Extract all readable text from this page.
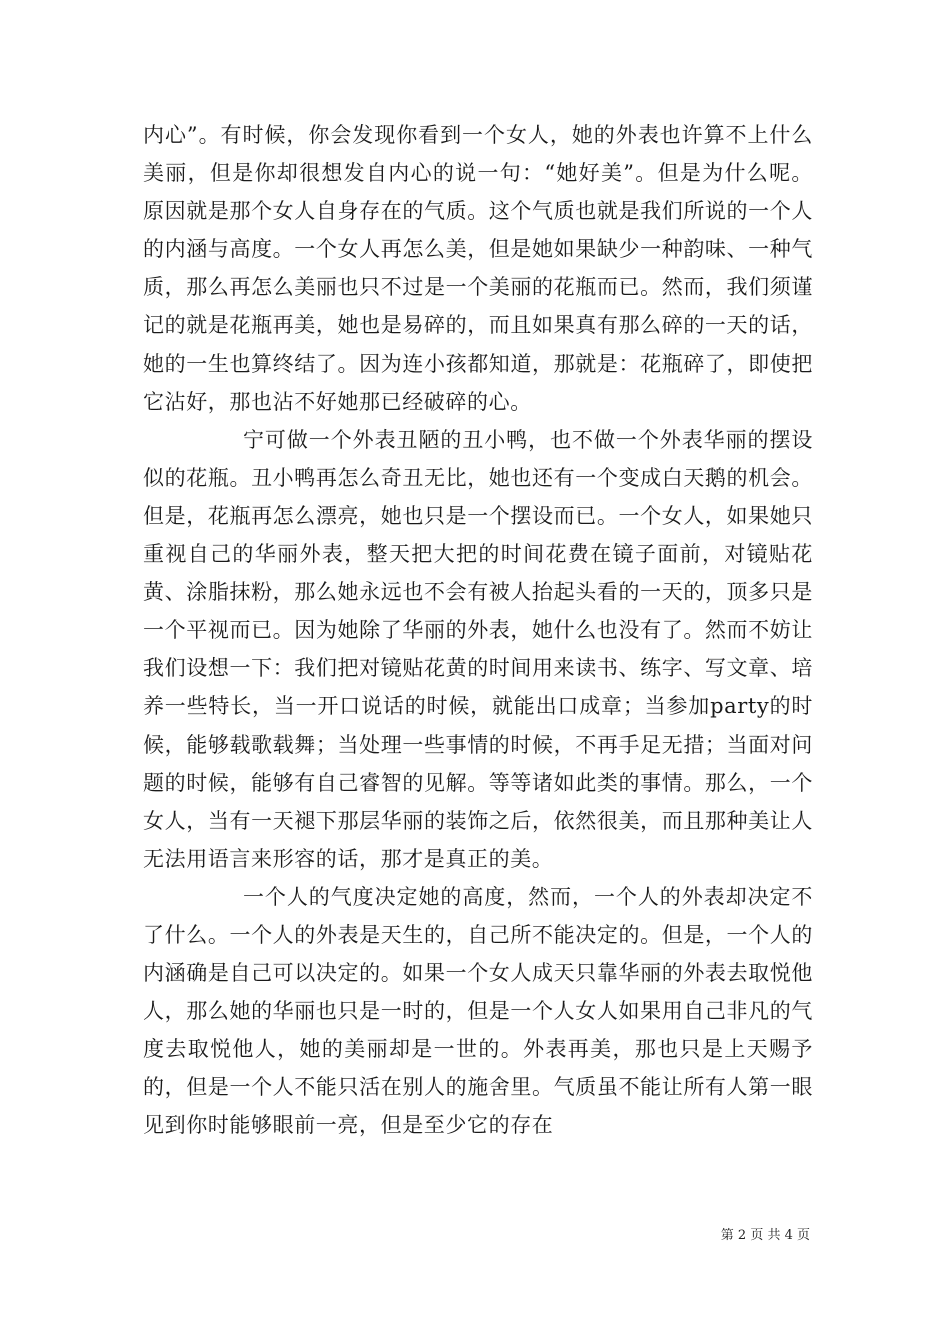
内心”。有时候，你会发现你看到一个女人，她的外表也许算不上什么美丽，但是你却很想发自内心的说一句：“她好美”。但是为什么呢。原因就是那个女人自身存在的气质。这个气质也就是我们所说的一个人的内涵与高度。一个女人再怎么美，但是她如果缺少一种韵味、一种气质，那么再怎么美丽也只不过是一个美丽的花瓶而已。然而，我们须谨记的就是花瓶再美，她也是易碎的，而且如果真有那么碎的一天的话，她的一生也算终结了。因为连小孩都知道，那就是：花瓶碎了，即使把它沾好，那也沾不好她那已经破碎的心。

宁可做一个外表丑陋的丑小鸭，也不做一个外表华丽的摆设似的花瓶。丑小鸭再怎么奇丑无比，她也还有一个变成白天鹅的机会。但是，花瓶再怎么漂亮，她也只是一个摆设而已。一个女人，如果她只重视自己的华丽外表，整天把大把的时间花费在镜子面前，对镜贴花黄、涂脂抹粉，那么她永远也不会有被人抬起头看的一天的，顶多只是一个平视而已。因为她除了华丽的外表，她什么也没有了。然而不妨让我们设想一下：我们把对镜贴花黄的时间用来读书、练字、写文章、培养一些特长，当一开口说话的时候，就能出口成章；当参加party的时候，能够载歌载舞；当处理一些事情的时候，不再手足无措；当面对问题的时候，能够有自己睿智的见解。等等诸如此类的事情。那么，一个女人，当有一天褪下那层华丽的装饰之后，依然很美，而且那种美让人无法用语言来形容的话，那才是真正的美。

一个人的气度决定她的高度，然而，一个人的外表却决定不了什么。一个人的外表是天生的，自己所不能决定的。但是，一个人的内涵确是自己可以决定的。如果一个女人成天只靠华丽的外表去取悦他人，那么她的华丽也只是一时的，但是一个人女人如果用自己非凡的气度去取悦他人，她的美丽却是一世的。外表再美，那也只是上天赐予的，但是一个人不能只活在别人的施舍里。气质虽不能让所有人第一眼见到你时能够眼前一亮，但是至少它的存在

第 2 页 共 4 页
